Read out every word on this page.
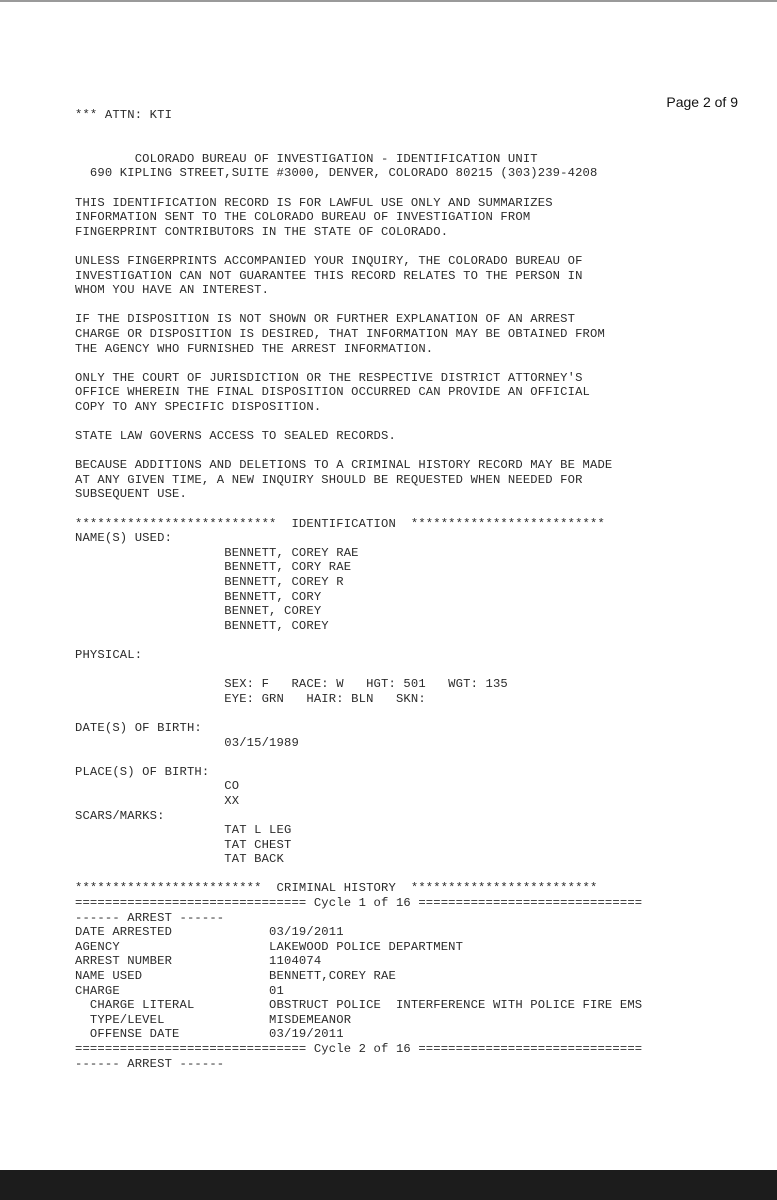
Page 2 of 9
*** ATTN: KTI
COLORADO BUREAU OF INVESTIGATION - IDENTIFICATION UNIT
690 KIPLING STREET,SUITE #3000, DENVER, COLORADO 80215 (303)239-4208
THIS IDENTIFICATION RECORD IS FOR LAWFUL USE ONLY AND SUMMARIZES
INFORMATION SENT TO THE COLORADO BUREAU OF INVESTIGATION FROM
FINGERPRINT CONTRIBUTORS IN THE STATE OF COLORADO.
UNLESS FINGERPRINTS ACCOMPANIED YOUR INQUIRY, THE COLORADO BUREAU OF
INVESTIGATION CAN NOT GUARANTEE THIS RECORD RELATES TO THE PERSON IN
WHOM YOU HAVE AN INTEREST.
IF THE DISPOSITION IS NOT SHOWN OR FURTHER EXPLANATION OF AN ARREST
CHARGE OR DISPOSITION IS DESIRED, THAT INFORMATION MAY BE OBTAINED FROM
THE AGENCY WHO FURNISHED THE ARREST INFORMATION.
ONLY THE COURT OF JURISDICTION OR THE RESPECTIVE DISTRICT ATTORNEY'S
OFFICE WHEREIN THE FINAL DISPOSITION OCCURRED CAN PROVIDE AN OFFICIAL
COPY TO ANY SPECIFIC DISPOSITION.
STATE LAW GOVERNS ACCESS TO SEALED RECORDS.
BECAUSE ADDITIONS AND DELETIONS TO A CRIMINAL HISTORY RECORD MAY BE MADE
AT ANY GIVEN TIME, A NEW INQUIRY SHOULD BE REQUESTED WHEN NEEDED FOR
SUBSEQUENT USE.
***************************  IDENTIFICATION  **************************
NAME(S) USED:
BENNETT, COREY RAE
BENNETT, CORY RAE
BENNETT, COREY R
BENNETT, CORY
BENNET, COREY
BENNETT, COREY
PHYSICAL:
SEX: F   RACE: W   HGT: 501   WGT: 135
EYE: GRN   HAIR: BLN   SKN:
DATE(S) OF BIRTH:
03/15/1989
PLACE(S) OF BIRTH:
CO
XX
SCARS/MARKS:
TAT L LEG
TAT CHEST
TAT BACK
*************************  CRIMINAL HISTORY  *************************
=============================== Cycle 1 of 16 ==============================
------ ARREST ------
DATE ARRESTED             03/19/2011
AGENCY                    LAKEWOOD POLICE DEPARTMENT
ARREST NUMBER             1104074
NAME USED                 BENNETT,COREY RAE
CHARGE                    01
CHARGE LITERAL          OBSTRUCT POLICE  INTERFERENCE WITH POLICE FIRE EMS
TYPE/LEVEL              MISDEMEANOR
OFFENSE DATE            03/19/2011
=============================== Cycle 2 of 16 ==============================
------ ARREST ------
